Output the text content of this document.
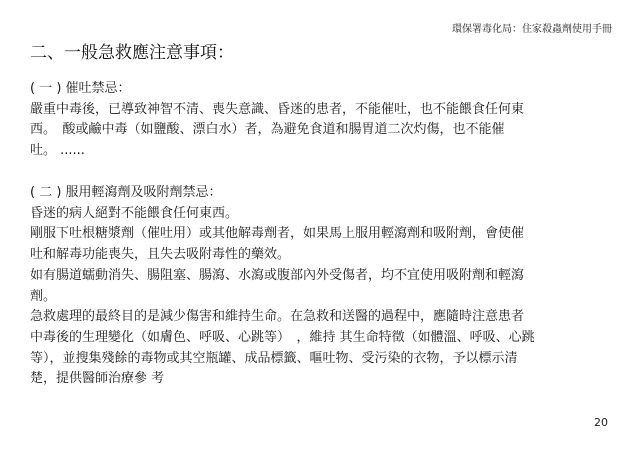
環保署毒化局：住家殺蟲劑使用手冊
二、一般急救應注意事項：
( 一 ) 催吐禁忌：
嚴重中毒後，已導致神智不清、喪失意識、昏迷的患者，不能催吐，也不能餵食任何東
西。　酸或鹼中毒（如鹽酸、漂白水）者，為避免食道和腸胃道二次灼傷，也不能催
吐。 ......
( 二 ) 服用輕瀉劑及吸附劑禁忌：
昏迷的病人絕對不能餵食任何東西。
剛服下吐根糖漿劑（催吐用）或其他解毒劑者，如果馬上服用輕瀉劑和吸附劑，會使催
吐和解毒功能喪失，且失去吸附毒性的藥效。
如有腸道蠕動消失、腸阻塞、腸瀉、水瀉或腹部內外受傷者，均不宜使用吸附劑和輕瀉
劑。
急救處理的最終目的是減少傷害和維持生命。在急救和送醫的過程中，應隨時注意患者
中毒後的生理變化（如膚色、呼吸、心跳等）　，維持 其生命特徵（如體溫、呼吸、心跳
等），並搜集殘餘的毒物或其空瓶罐、成品標籤、嘔吐物、受污染的衣物，予以標示清
楚，提供醫師治療參 考
20
